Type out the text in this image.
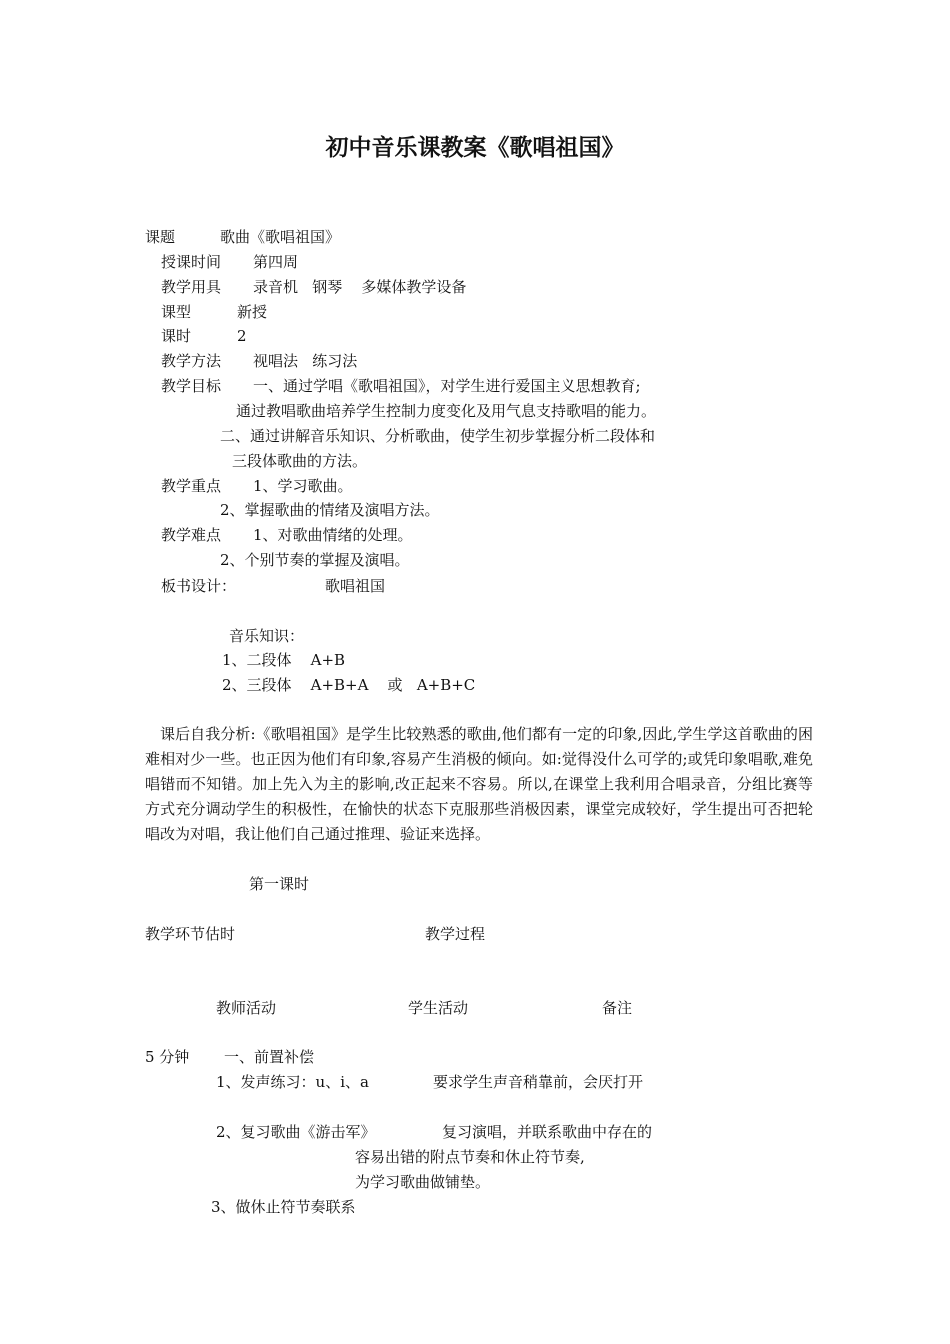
初中音乐课教案《歌唱祖国》
课题	歌曲《歌唱祖国》
授课时间 第四周
教学用具 录音机   钢琴    多媒体教学设备
课型	新授
课时	2
教学方法 视唱法   练习法
教学目标 一、通过学唱《歌唱祖国》，对学生进行爱国主义思想教育;
通过教唱歌曲培养学生控制力度变化及用气息支持歌唱的能力。
二、通过讲解音乐知识、分析歌曲，使学生初步掌握分析二段体和
三段体歌曲的方法。
教学重点 1、学习歌曲。
2、掌握歌曲的情绪及演唱方法。
教学难点 1、对歌曲情绪的处理。
2、个别节奏的掌握及演唱。
板书设计：	歌唱祖国
音乐知识：
1、二段体    A+B
2、三段体    A+B+A    或   A+B+C
课后自我分析:《歌唱祖国》是学生比较熟悉的歌曲,他们都有一定的印象,因此,学生学这首歌曲的困难相对少一些。也正因为他们有印象,容易产生消极的倾向。如:觉得没什么可学的;或凭印象唱歌,难免唱错而不知错。加上先入为主的影响,改正起来不容易。所以,在课堂上我利用合唱录音，分组比赛等方式充分调动学生的积极性，在愉快的状态下克服那些消极因素，课堂完成较好，学生提出可否把轮唱改为对唱，我让他们自己通过推理、验证来选择。
第一课时
教学环节估时	教学过程
教师活动	学生活动	备注
5 分钟 一、前置补偿
1、发声练习：u、i、a	要求学生声音稍靠前，会厌打开
2、复习歌曲《游击军》	复习演唱，并联系歌曲中存在的
容易出错的附点节奏和休止符节奏,
为学习歌曲做铺垫。
3、做休止符节奏联系
